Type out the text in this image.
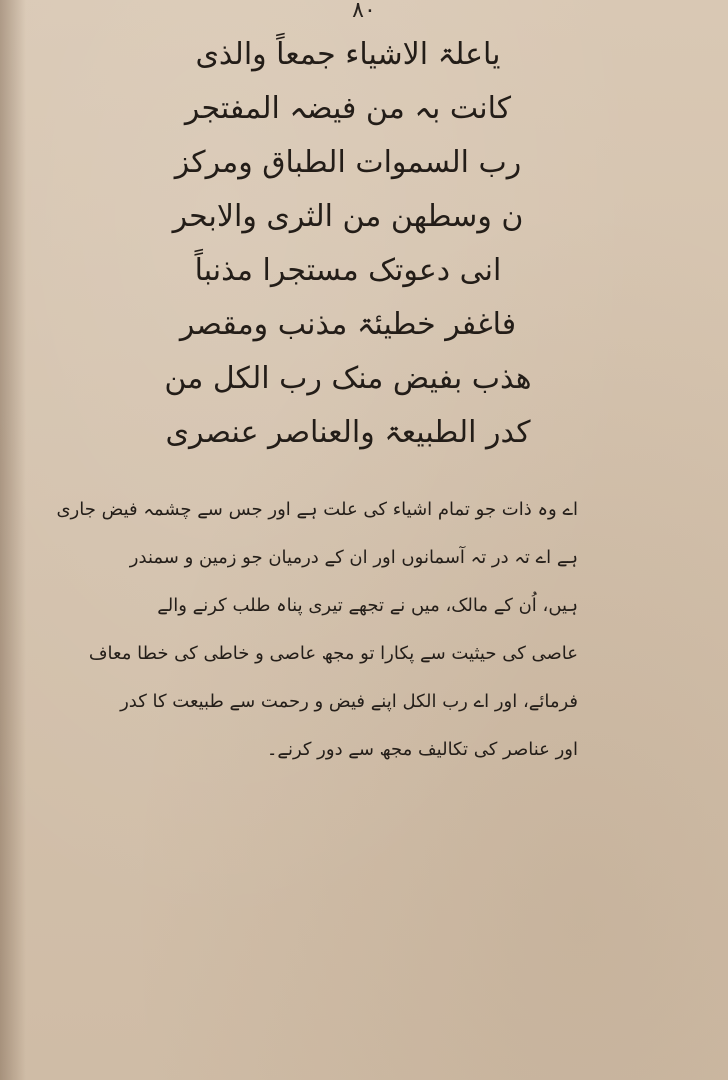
۸۰
یاعلۃ الاشیاء جمعاً والذی
کانت بہ من فیضہ المفتجر
رب السموات الطباق ومرکز
ن وسطھن من الثری والابحر
انی دعوتک مستجرا مذنباً
فاغفر خطیئۃ مذنب ومقصر
ھذب بفیض منک رب الکل من
کدر الطبیعۃ والعناصر عنصری
اے وہ ذات جو تمام اشیاء کی علت ہے اور جس سے چشمہ فیض جاری
ہے اے تہ در تہ آسمانوں اور ان کے درمیان جو زمین و سمندر
ہیں، اُن کے مالک، میں نے تجھے تیری پناہ طلب کرنے والے
عاصی کی حیثیت سے پکارا تو مجھ عاصی و خاطی کی خطا معاف
فرمائے، اور اے رب الکل اپنے فیض و رحمت سے طبیعت کا کدر
اور عناصر کی تکالیف مجھ سے دور کرنے۔
